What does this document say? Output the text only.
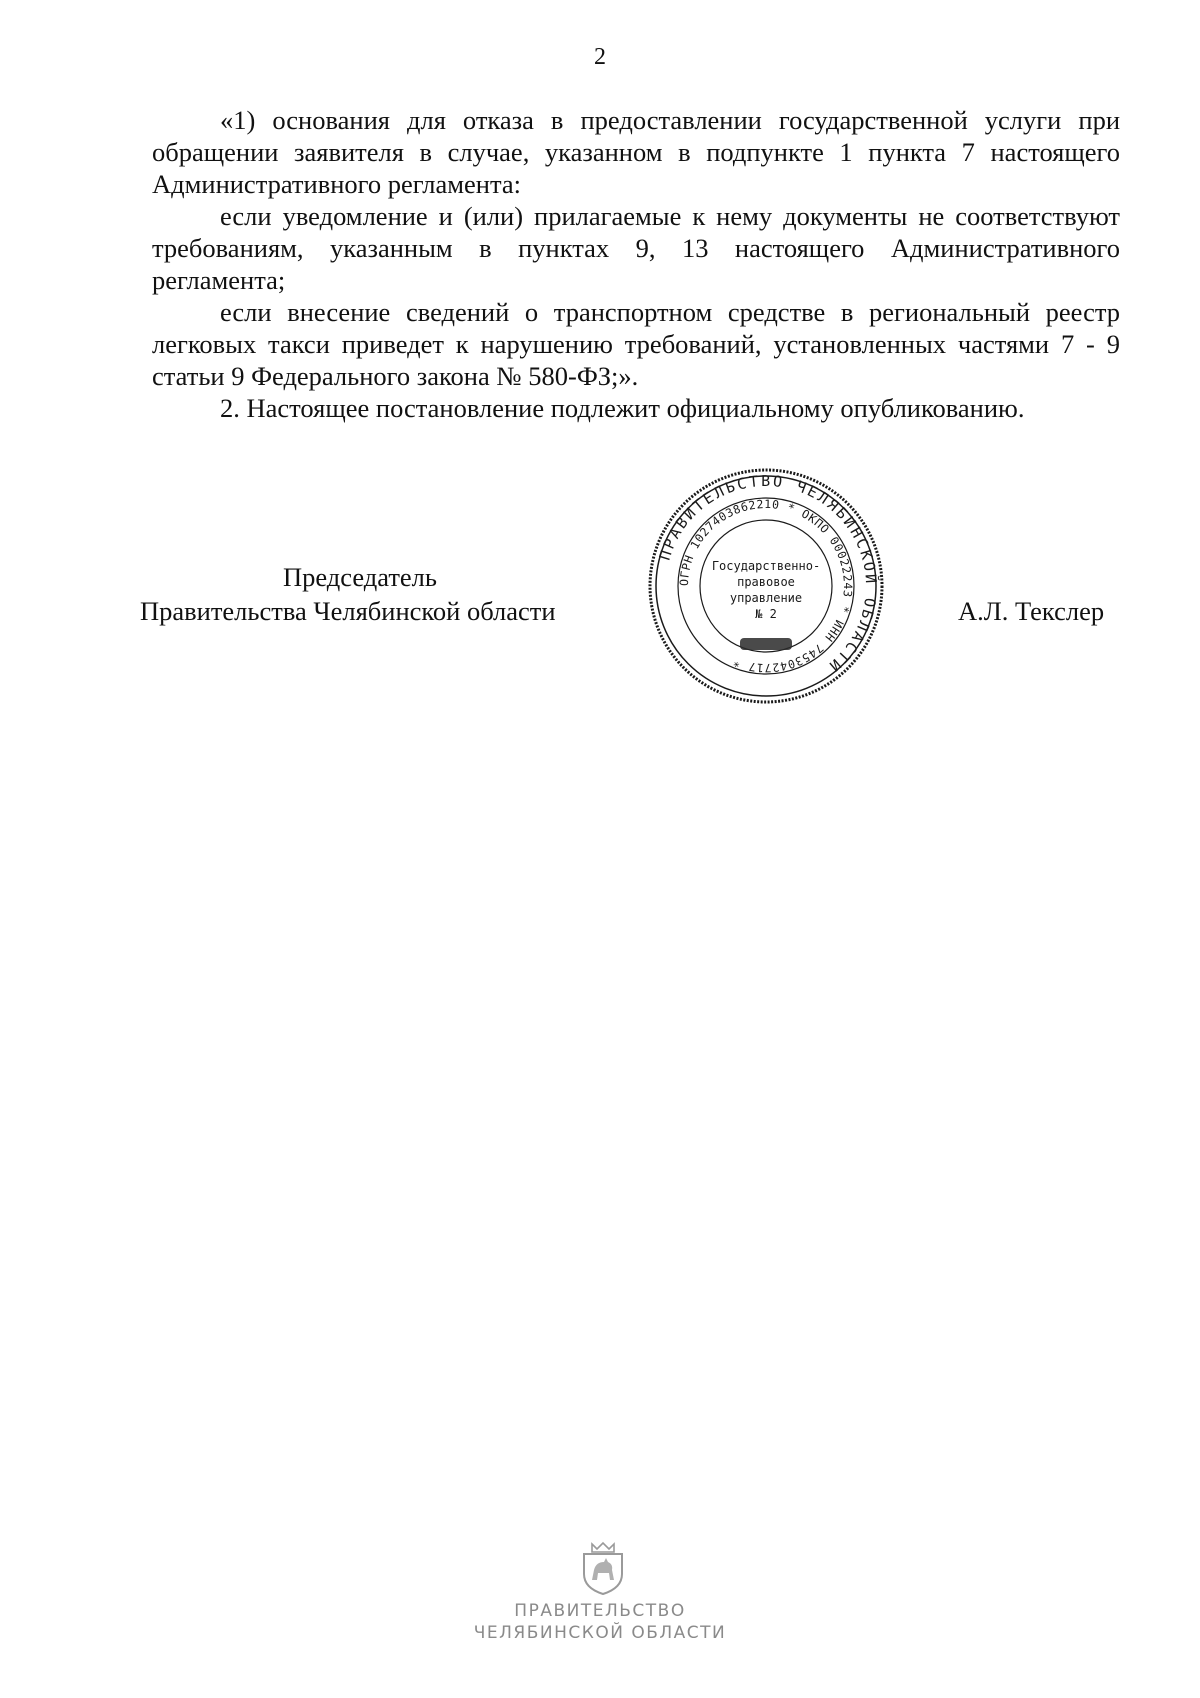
2

«1) основания для отказа в предоставлении государственной услуги при обращении заявителя в случае, указанном в подпункте 1 пункта 7 настоящего Административного регламента:

если уведомление и (или) прилагаемые к нему документы не соответствуют требованиям, указанным в пунктах 9, 13 настоящего Административного регламента;

если внесение сведений о транспортном средстве в региональный реестр легковых такси приведет к нарушению требований, установленных частями 7 - 9 статьи 9 Федерального закона № 580-ФЗ;».

2. Настоящее постановление подлежит официальному опубликованию.

Председатель
Правительства Челябинской области
ПРАВИТЕЛЬСТВО ЧЕЛЯБИНСКОЙ ОБЛАСТИ
ОГРН 1027403862210 * ОКПО 00022243 * ИНН 7453042717 *
Государственно-
правовое
управление
№ 2	А.Л. Текслер
ПРАВИТЕЛЬСТВО
ЧЕЛЯБИНСКОЙ ОБЛАСТИ
